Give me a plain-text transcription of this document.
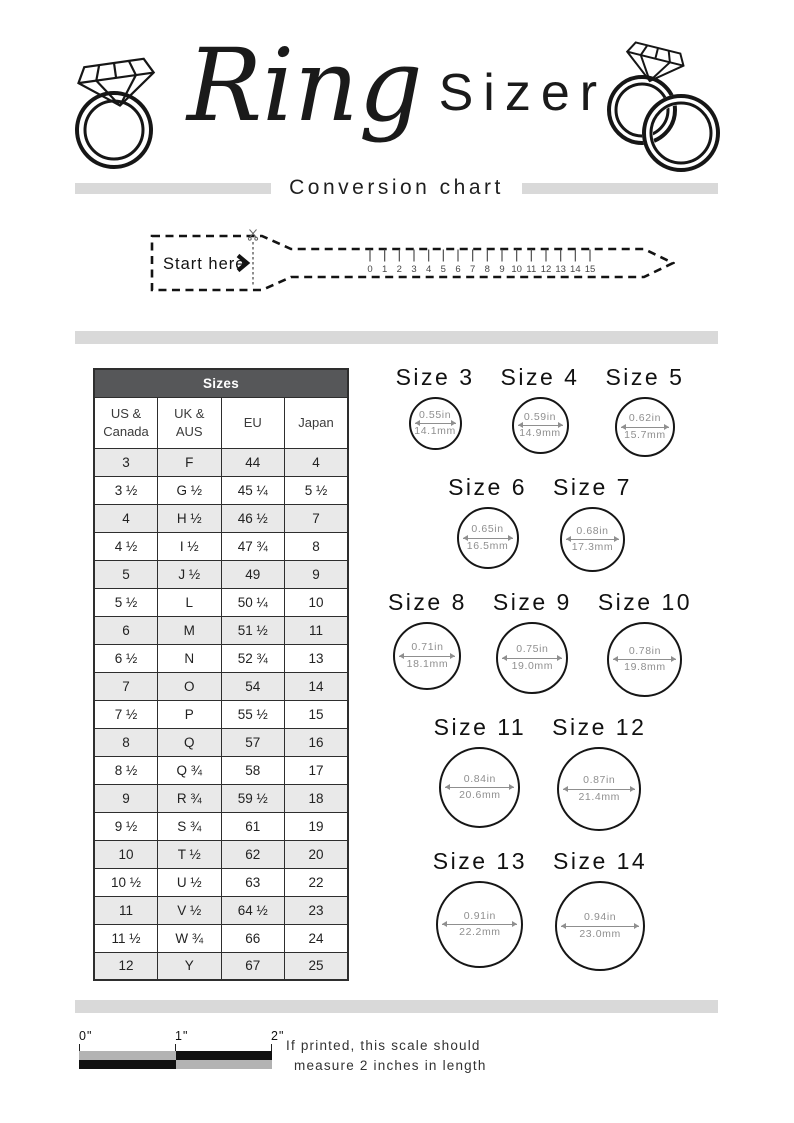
Ring Sizer
Conversion chart
Start here	0 1 2 3 4 5 6 7 8 9 10 11 12 13 14 15
Sizes			
US & Canada	UK & AUS	EU	Japan
3	F	44	4
3 ½	G ½	45 ¼	5 ½
4	H ½	46 ½	7
4 ½	I ½	47 ¾	8
5	J ½	49	9
5 ½	L	50 ¼	10
6	M	51 ½	11
6 ½	N	52 ¾	13
7	O	54	14
7 ½	P	55 ½	15
8	Q	57	16
8 ½	Q ¾	58	17
9	R ¾	59 ½	18
9 ½	S ¾	61	19
10	T ½	62	20
10 ½	U ½	63	22
11	V ½	64 ½	23
11 ½	W ¾	66	24
12	Y	67	25
Size 3
0.55in
14.1mm
Size 4
0.59in
14.9mm
Size 5
0.62in
15.7mm
Size 6
0.65in
16.5mm
Size 7
0.68in
17.3mm
Size 8
0.71in
18.1mm
Size 9
0.75in
19.0mm
Size 10
0.78in
19.8mm
Size 11
0.84in
20.6mm
Size 12
0.87in
21.4mm
Size 13
0.91in
22.2mm
Size 14
0.94in
23.0mm
0"	1"	2"
If printed, this scale should
measure 2 inches in length
